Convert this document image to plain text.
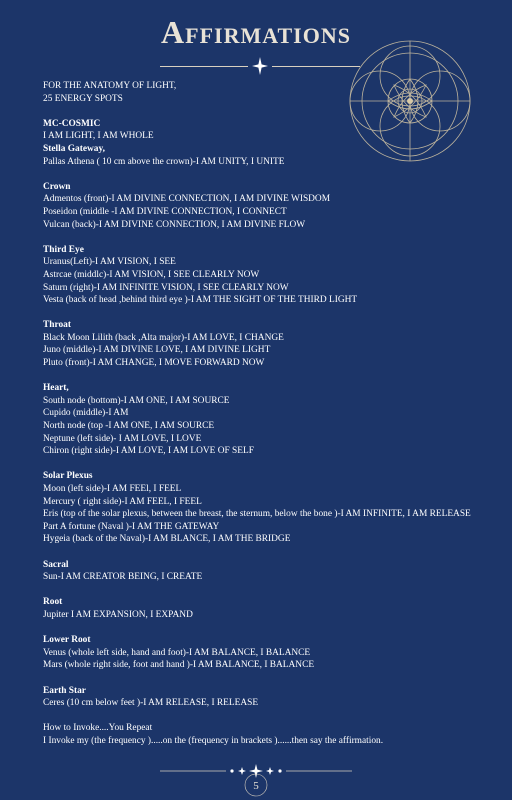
Affirmations
FOR THE ANATOMY OF LIGHT,
25 ENERGY SPOTS
MC-COSMIC
I AM LIGHT, I AM WHOLE
Stella Gateway,
Pallas Athena ( 10 cm above the crown)-I AM UNITY, I UNITE
Crown
Admentos (front)-I AM DIVINE CONNECTION, I AM DIVINE WISDOM
Poseidon (middle -I AM DIVINE CONNECTION, I CONNECT
Vulcan (back)-I AM DIVINE CONNECTION, I AM DIVINE FLOW
Third Eye
Uranus(Left)-I AM VISION, I SEE
Astrcae (middlc)-I AM VISION, I SEE CLEARLY NOW
Saturn (right)-I AM INFINITE VISION, I SEE CLEARLY NOW
Vesta (back of head ,behind third eye )-I AM THE SIGHT OF THE THIRD LIGHT
Throat
Black Moon Lilith (back ,Alta major)-I AM LOVE, I CHANGE
Juno (middle)-I AM DIVINE LOVE, I AM DIVINE LIGHT
Pluto (front)-I AM CHANGE, I MOVE FORWARD NOW
Heart,
South node (bottom)-I AM ONE, I AM SOURCE
Cupido (middle)-I AM
North node (top -I AM ONE, I AM SOURCE
Neptune (left side)- I AM LOVE, I LOVE
Chiron (right side)-I AM LOVE, I AM LOVE OF SELF
Solar Plexus
Moon (left side)-I AM FEEl, I FEEL
Mercury ( right side)-I AM FEEL, I FEEL
Eris (top of the solar plexus, between the breast, the sternum, below the bone )-I AM INFINITE, I AM RELEASE
Part A fortune (Naval )-I AM THE GATEWAY
Hygeia (back of the Naval)-I AM BLANCE, I AM THE BRIDGE
Sacral
Sun-I AM CREATOR BEING, I CREATE
Root
Jupiter I AM EXPANSION, I EXPAND
Lower Root
Venus (whole left side, hand and foot)-I AM BALANCE, I BALANCE
Mars (whole right side, foot and hand )-I AM BALANCE, I BALANCE
Earth Star
Ceres (10 cm below feet )-I AM RELEASE, I RELEASE
How to Invoke....You Repeat
I Invoke my (the frequency ).....on the (frequency in brackets )......then say the affirmation.
5
